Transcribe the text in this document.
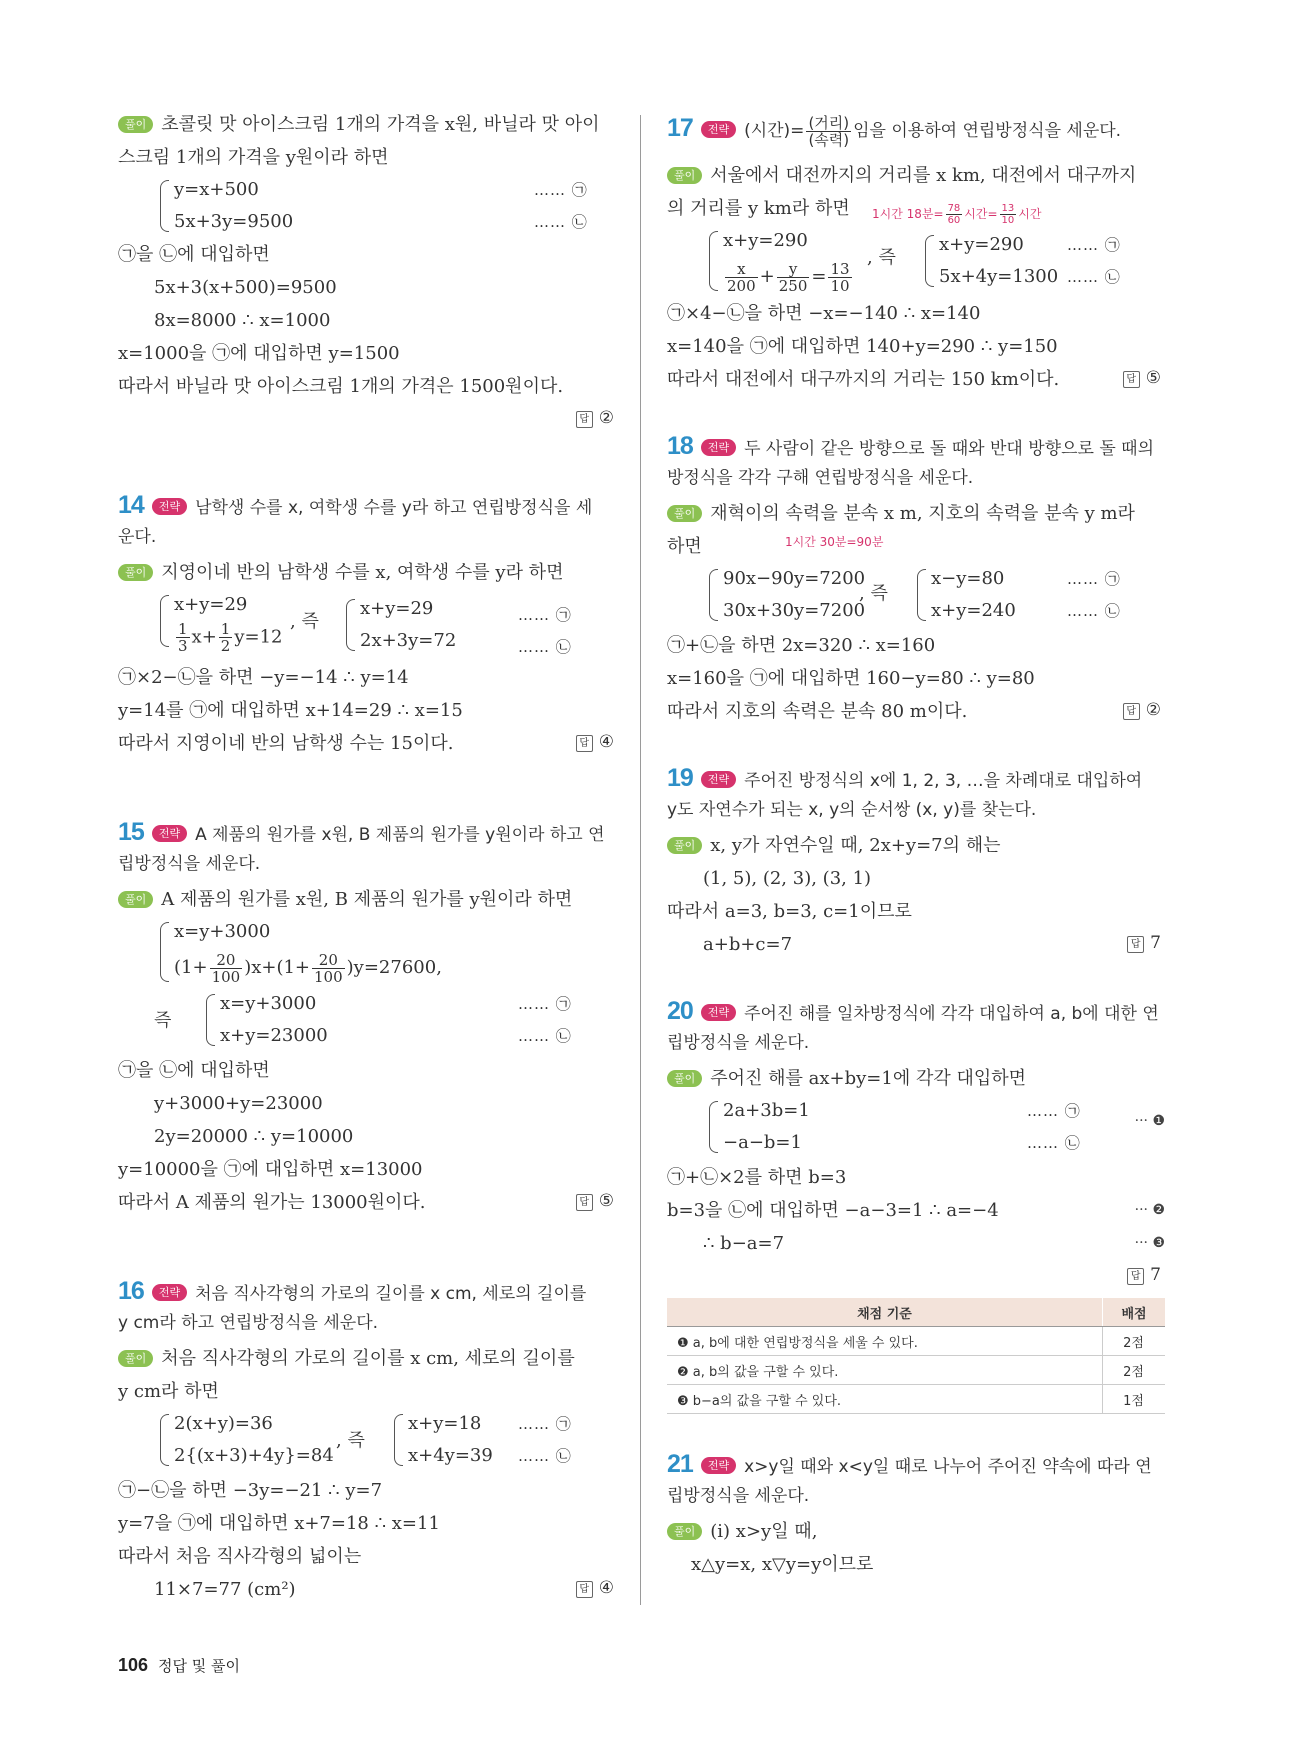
풀이 초콜릿 맛 아이스크림 1개의 가격을 x원, 바닐라 맛 아이
스크림 1개의 가격을 y원이라 하면
y=x+500	…… ㉠
5x+3y=9500	…… ㉡
㉠을 ㉡에 대입하면
5x+3(x+500)=9500
8x=8000 ∴ x=1000
x=1000을 ㉠에 대입하면 y=1500
따라서 바닐라 맛 아이스크림 1개의 가격은 1500원이다.
답 ②
14 전략 남학생 수를 x, 여학생 수를 y라 하고 연립방정식을 세
운다.
풀이 지영이네 반의 남학생 수를 x, 여학생 수를 y라 하면
x+y=29
$\frac{1}{3} x+ \frac{1}{2} y=12$
, 즉
x+y=29
2x+3y=72
…… ㉠
…… ㉡
㉠×2−㉡을 하면 −y=−14 ∴ y=14
y=14를 ㉠에 대입하면 x+14=29 ∴ x=15
따라서 지영이네 반의 남학생 수는 15이다.	답 ④
15 전략 A 제품의 원가를 x원, B 제품의 원가를 y원이라 하고 연
립방정식을 세운다.
풀이 A 제품의 원가를 x원, B 제품의 원가를 y원이라 하면
x=y+3000
$(1+ \frac{20}{100} )x+(1+ \frac{20}{100} )y=27600$,
즉
x=y+3000
x+y=23000
…… ㉠
…… ㉡
㉠을 ㉡에 대입하면
y+3000+y=23000
2y=20000 ∴ y=10000
y=10000을 ㉠에 대입하면 x=13000
따라서 A 제품의 원가는 13000원이다.	답 ⑤
16 전략 처음 직사각형의 가로의 길이를 x cm, 세로의 길이를
y cm라 하고 연립방정식을 세운다.
풀이 처음 직사각형의 가로의 길이를 x cm, 세로의 길이를
y cm라 하면
2(x+y)=36
2{(x+3)+4y}=84
, 즉
x+y=18
x+4y=39
…… ㉠
…… ㉡
㉠−㉡을 하면 −3y=−21 ∴ y=7
y=7을 ㉠에 대입하면 x+7=18 ∴ x=11
따라서 처음 직사각형의 넓이는
11×7=77 (cm²)	답 ④
17 전략 (시간)= $\frac{\text{(거리)}}{\text{(속력)}}$ 임을 이용하여 연립방정식을 세운다.
풀이 서울에서 대전까지의 거리를 x km, 대전에서 대구까지
의 거리를 y km라 하면 1시간 18분= $\frac{78}{60}$ 시간= $\frac{13}{10}$ 시간
x+y=290
$\frac{x}{200} + \frac{y}{250} = \frac{13}{10}$
, 즉
x+y=290
5x+4y=1300
…… ㉠
…… ㉡
㉠×4−㉡을 하면 −x=−140 ∴ x=140
x=140을 ㉠에 대입하면 140+y=290 ∴ y=150
따라서 대전에서 대구까지의 거리는 150 km이다.	답 ⑤
18 전략 두 사람이 같은 방향으로 돌 때와 반대 방향으로 돌 때의
방정식을 각각 구해 연립방정식을 세운다.
풀이 재혁이의 속력을 분속 x m, 지호의 속력을 분속 y m라
하면	1시간 30분=90분
90x−90y=7200
30x+30y=7200
, 즉
x−y=80
x+y=240
…… ㉠
…… ㉡
㉠+㉡을 하면 2x=320 ∴ x=160
x=160을 ㉠에 대입하면 160−y=80 ∴ y=80
따라서 지호의 속력은 분속 80 m이다.	답 ②
19 전략 주어진 방정식의 x에 1, 2, 3, …을 차례대로 대입하여
y도 자연수가 되는 x, y의 순서쌍 (x, y)를 찾는다.
풀이 x, y가 자연수일 때, 2x+y=7의 해는
(1, 5), (2, 3), (3, 1)
따라서 a=3, b=3, c=1이므로
a+b+c=7	답 7
20 전략 주어진 해를 일차방정식에 각각 대입하여 a, b에 대한 연
립방정식을 세운다.
풀이 주어진 해를 ax+by=1에 각각 대입하면
2a+3b=1
−a−b=1
…… ㉠
…… ㉡
··· ❶
㉠+㉡×2를 하면 b=3
b=3을 ㉡에 대입하면 −a−3=1 ∴ a=−4	··· ❷
∴ b−a=7	··· ❸
답 7
채점 기준	배점
❶ a, b에 대한 연립방정식을 세울 수 있다.	2점
❷ a, b의 값을 구할 수 있다.	2점
❸ b−a의 값을 구할 수 있다.	1점
21 전략 x>y일 때와 x<y일 때로 나누어 주어진 약속에 따라 연
립방정식을 세운다.
풀이 (i) x>y일 때,
x△y=x, x▽y=y이므로
106 정답 및 풀이
